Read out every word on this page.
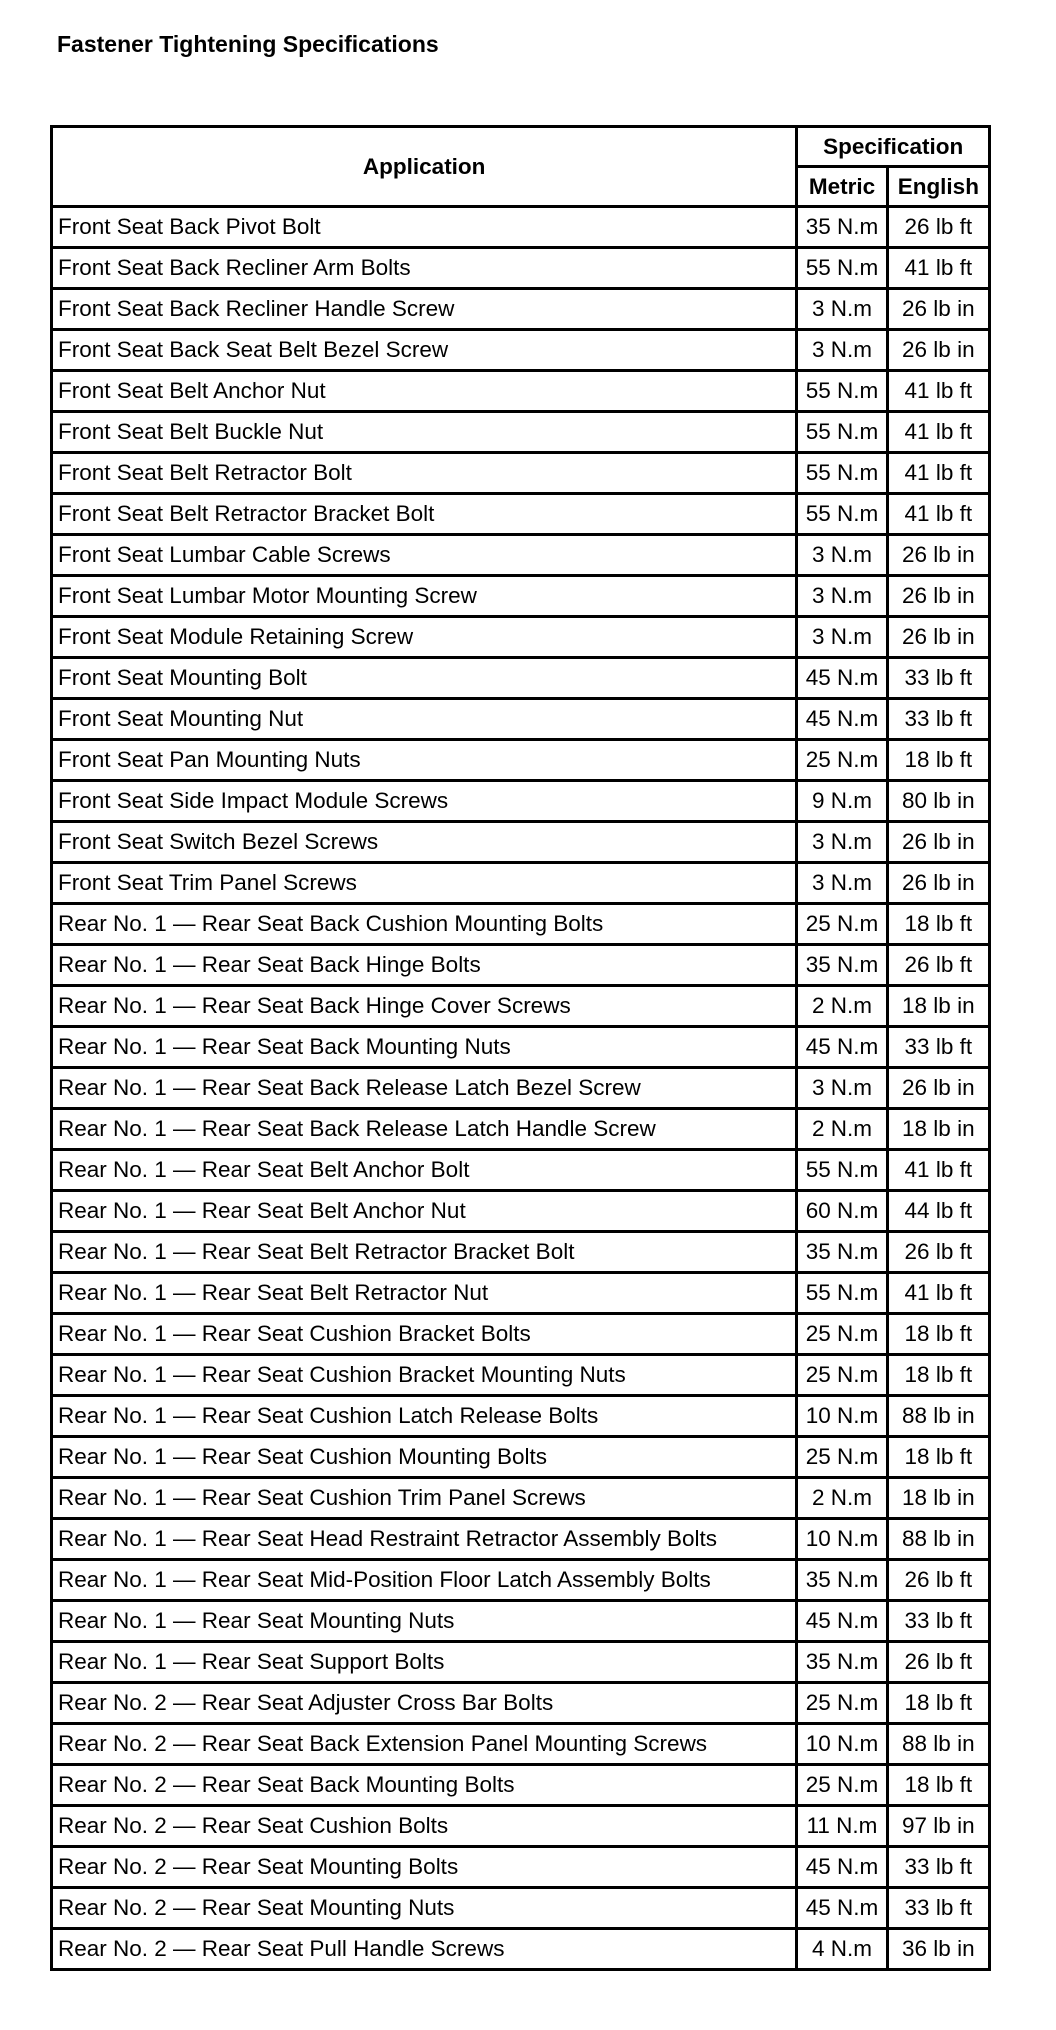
Fastener Tightening Specifications
Application	Specification	
	Metric	English
Front Seat Back Pivot Bolt	35 N.m	26 lb ft
Front Seat Back Recliner Arm Bolts	55 N.m	41 lb ft
Front Seat Back Recliner Handle Screw	3 N.m	26 lb in
Front Seat Back Seat Belt Bezel Screw	3 N.m	26 lb in
Front Seat Belt Anchor Nut	55 N.m	41 lb ft
Front Seat Belt Buckle Nut	55 N.m	41 lb ft
Front Seat Belt Retractor Bolt	55 N.m	41 lb ft
Front Seat Belt Retractor Bracket Bolt	55 N.m	41 lb ft
Front Seat Lumbar Cable Screws	3 N.m	26 lb in
Front Seat Lumbar Motor Mounting Screw	3 N.m	26 lb in
Front Seat Module Retaining Screw	3 N.m	26 lb in
Front Seat Mounting Bolt	45 N.m	33 lb ft
Front Seat Mounting Nut	45 N.m	33 lb ft
Front Seat Pan Mounting Nuts	25 N.m	18 lb ft
Front Seat Side Impact Module Screws	9 N.m	80 lb in
Front Seat Switch Bezel Screws	3 N.m	26 lb in
Front Seat Trim Panel Screws	3 N.m	26 lb in
Rear No. 1 — Rear Seat Back Cushion Mounting Bolts	25 N.m	18 lb ft
Rear No. 1 — Rear Seat Back Hinge Bolts	35 N.m	26 lb ft
Rear No. 1 — Rear Seat Back Hinge Cover Screws	2 N.m	18 lb in
Rear No. 1 — Rear Seat Back Mounting Nuts	45 N.m	33 lb ft
Rear No. 1 — Rear Seat Back Release Latch Bezel Screw	3 N.m	26 lb in
Rear No. 1 — Rear Seat Back Release Latch Handle Screw	2 N.m	18 lb in
Rear No. 1 — Rear Seat Belt Anchor Bolt	55 N.m	41 lb ft
Rear No. 1 — Rear Seat Belt Anchor Nut	60 N.m	44 lb ft
Rear No. 1 — Rear Seat Belt Retractor Bracket Bolt	35 N.m	26 lb ft
Rear No. 1 — Rear Seat Belt Retractor Nut	55 N.m	41 lb ft
Rear No. 1 — Rear Seat Cushion Bracket Bolts	25 N.m	18 lb ft
Rear No. 1 — Rear Seat Cushion Bracket Mounting Nuts	25 N.m	18 lb ft
Rear No. 1 — Rear Seat Cushion Latch Release Bolts	10 N.m	88 lb in
Rear No. 1 — Rear Seat Cushion Mounting Bolts	25 N.m	18 lb ft
Rear No. 1 — Rear Seat Cushion Trim Panel Screws	2 N.m	18 lb in
Rear No. 1 — Rear Seat Head Restraint Retractor Assembly Bolts	10 N.m	88 lb in
Rear No. 1 — Rear Seat Mid-Position Floor Latch Assembly Bolts	35 N.m	26 lb ft
Rear No. 1 — Rear Seat Mounting Nuts	45 N.m	33 lb ft
Rear No. 1 — Rear Seat Support Bolts	35 N.m	26 lb ft
Rear No. 2 — Rear Seat Adjuster Cross Bar Bolts	25 N.m	18 lb ft
Rear No. 2 — Rear Seat Back Extension Panel Mounting Screws	10 N.m	88 lb in
Rear No. 2 — Rear Seat Back Mounting Bolts	25 N.m	18 lb ft
Rear No. 2 — Rear Seat Cushion Bolts	11 N.m	97 lb in
Rear No. 2 — Rear Seat Mounting Bolts	45 N.m	33 lb ft
Rear No. 2 — Rear Seat Mounting Nuts	45 N.m	33 lb ft
Rear No. 2 — Rear Seat Pull Handle Screws	4 N.m	36 lb in
